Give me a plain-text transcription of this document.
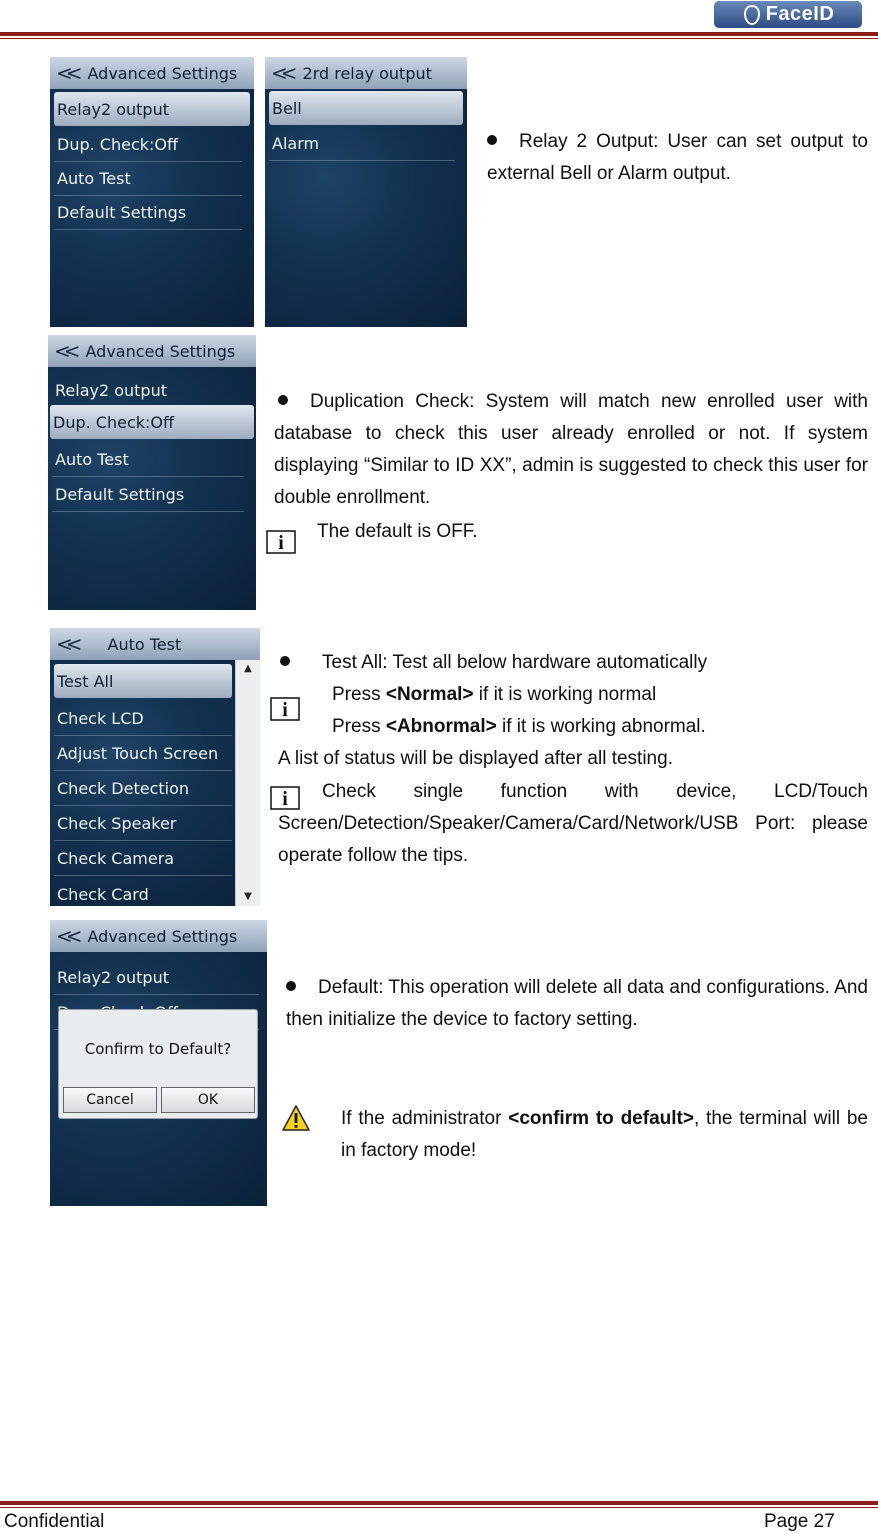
FaceID
<< Advanced Settings
Relay2 output
Dup. Check:Off
Auto Test
Default Settings
<< 2rd relay output
Bell
Alarm	Relay 2 Output: User can set output to external Bell or Alarm output.

<< Advanced Settings
Relay2 output
Dup. Check:Off
Auto Test
Default Settings

Duplication Check: System will match new enrolled user with database to check this user already enrolled or not. If system displaying “Similar to ID XX”, admin is suggested to check this user for double enrollment.

i
The default is OFF.
<< Auto Test
Test All
Check LCD
Adjust Touch Screen
Check Detection
Check Speaker
Check Camera
Check Card
▲
▼

Test All: Test all below hardware automatically

Press <Normal> if it is working normal

Press <Abnormal> if it is working abnormal.

A list of status will be displayed after all testing.

i
i	Check single function with device, LCD/Touch Screen/Detection/Speaker/Camera/Card/Network/USB Port: please operate follow the tips.
<< Advanced Settings
Relay2 output
Confirm to Default?
Cancel	OK

Default: This operation will delete all data and configurations. And then initialize the device to factory setting.

If the administrator <confirm to default>, the terminal will be in factory mode!
Confidential	Page 27
